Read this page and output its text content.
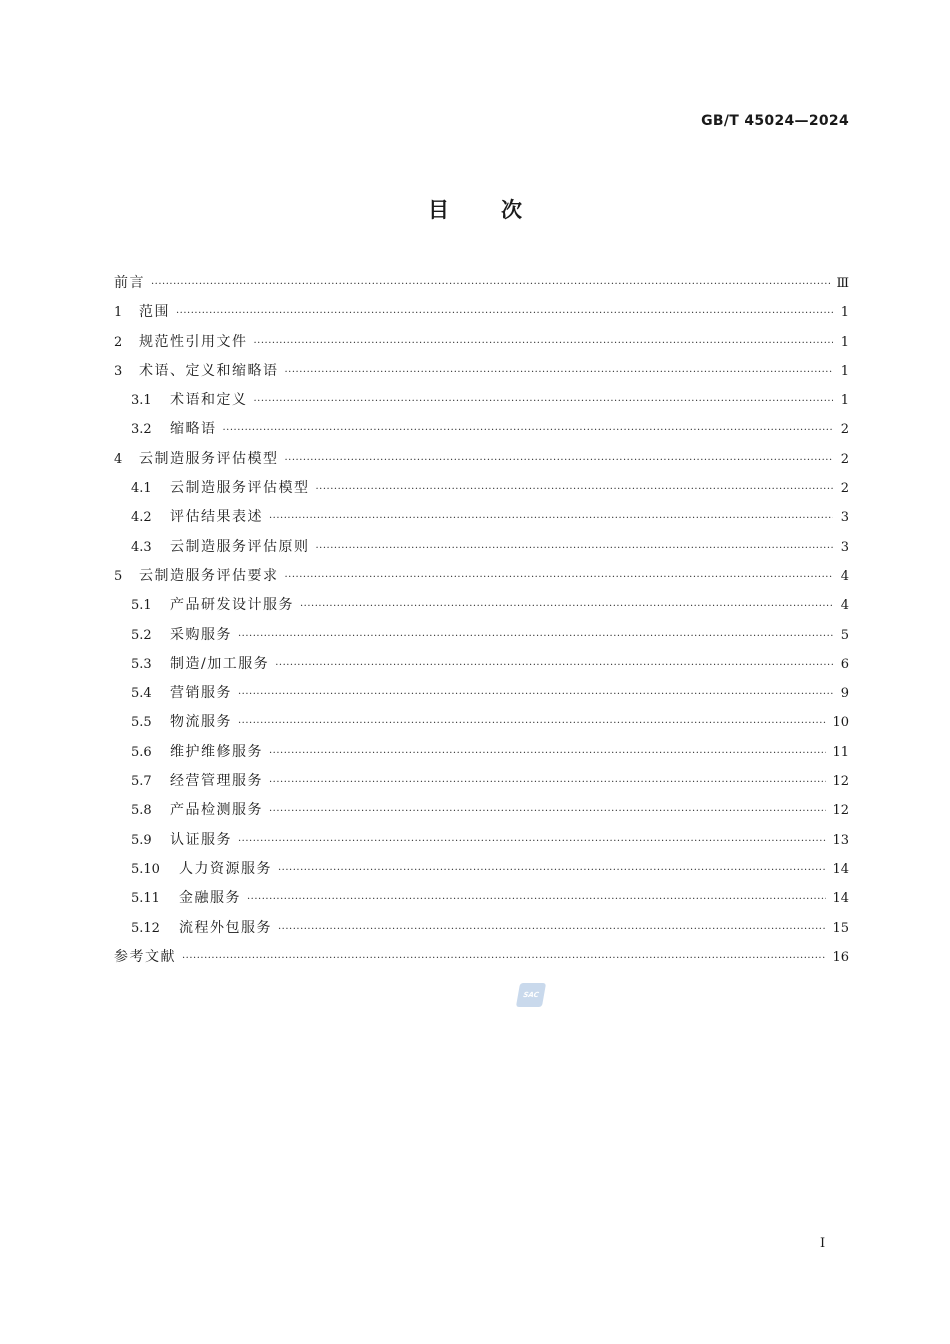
GB/T 45024—2024
目次
前言 ·····	Ⅲ
1	范围 ·····	1
2	规范性引用文件 ·····	1
3	术语、定义和缩略语 ·····	1
3.1	术语和定义 ·····	1
3.2	缩略语 ·····	2
4	云制造服务评估模型 ·····	2
4.1	云制造服务评估模型 ·····	2
4.2	评估结果表述 ·····	3
4.3	云制造服务评估原则 ·····	3
5	云制造服务评估要求 ·····	4
5.1	产品研发设计服务 ·····	4
5.2	采购服务 ·····	5
5.3	制造/加工服务 ·····	6
5.4	营销服务 ·····	9
5.5	物流服务 ·····	10
5.6	维护维修服务 ·····	11
5.7	经营管理服务 ·····	12
5.8	产品检测服务 ·····	12
5.9	认证服务 ·····	13
5.10	人力资源服务 ·····	14
5.11	金融服务 ·····	14
5.12	流程外包服务 ·····	15
参考文献 ·····	16
SAC
I
